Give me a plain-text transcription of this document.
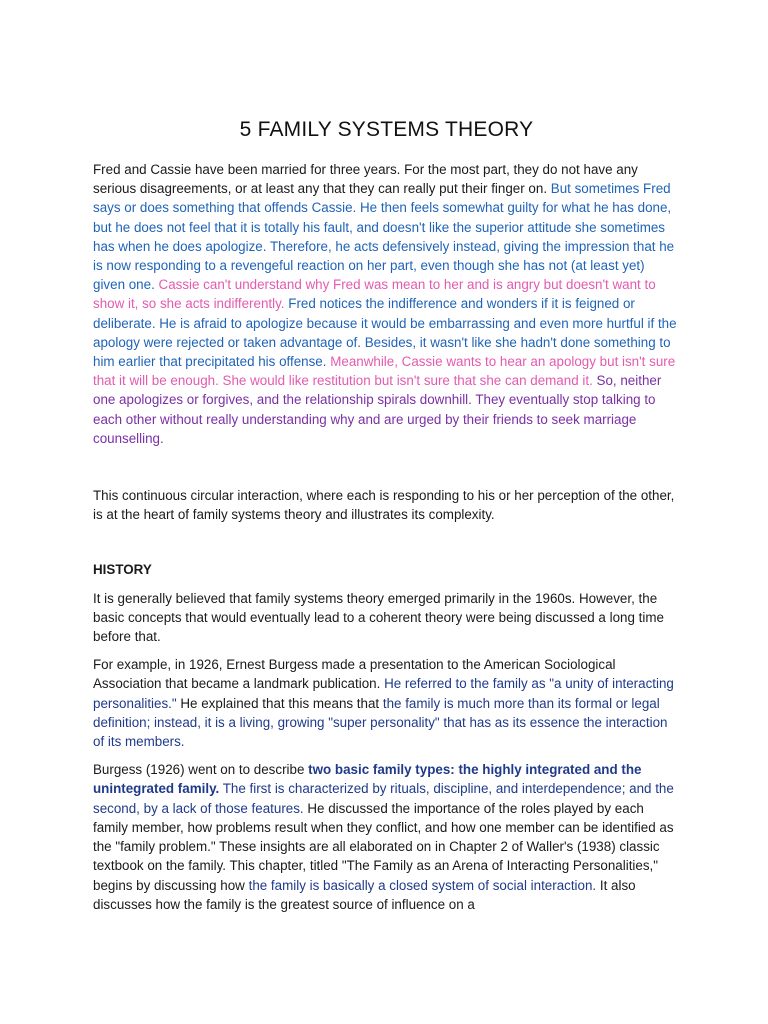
5 FAMILY SYSTEMS THEORY

Fred and Cassie have been married for three years. For the most part, they do not have any serious disagreements, or at least any that they can really put their finger on. But sometimes Fred says or does something that offends Cassie. He then feels somewhat guilty for what he has done, but he does not feel that it is totally his fault, and doesn't like the superior attitude she sometimes has when he does apologize. Therefore, he acts defensively instead, giving the impression that he is now responding to a revengeful reaction on her part, even though she has not (at least yet) given one. Cassie can't understand why Fred was mean to her and is angry but doesn't want to show it, so she acts indifferently. Fred notices the indifference and wonders if it is feigned or deliberate. He is afraid to apologize because it would be embarrassing and even more hurtful if the apology were rejected or taken advantage of. Besides, it wasn't like she hadn't done something to him earlier that precipitated his offense. Meanwhile, Cassie wants to hear an apology but isn't sure that it will be enough. She would like restitution but isn't sure that she can demand it. So, neither one apologizes or forgives, and the relationship spirals downhill. They eventually stop talking to each other without really understanding why and are urged by their friends to seek marriage counselling.

This continuous circular interaction, where each is responding to his or her perception of the other, is at the heart of family systems theory and illustrates its complexity.

HISTORY

It is generally believed that family systems theory emerged primarily in the 1960s. However, the basic concepts that would eventually lead to a coherent theory were being discussed a long time before that.

For example, in 1926, Ernest Burgess made a presentation to the American Sociological Association that became a landmark publication. He referred to the family as "a unity of interacting personalities." He explained that this means that the family is much more than its formal or legal definition; instead, it is a living, growing "super personality" that has as its essence the interaction of its members.

Burgess (1926) went on to describe two basic family types: the highly integrated and the unintegrated family. The first is characterized by rituals, discipline, and interdependence; and the second, by a lack of those features. He discussed the importance of the roles played by each family member, how problems result when they conflict, and how one member can be identified as the "family problem." These insights are all elaborated on in Chapter 2 of Waller's (1938) classic textbook on the family. This chapter, titled "The Family as an Arena of Interacting Personalities," begins by discussing how the family is basically a closed system of social interaction. It also discusses how the family is the greatest source of influence on a
